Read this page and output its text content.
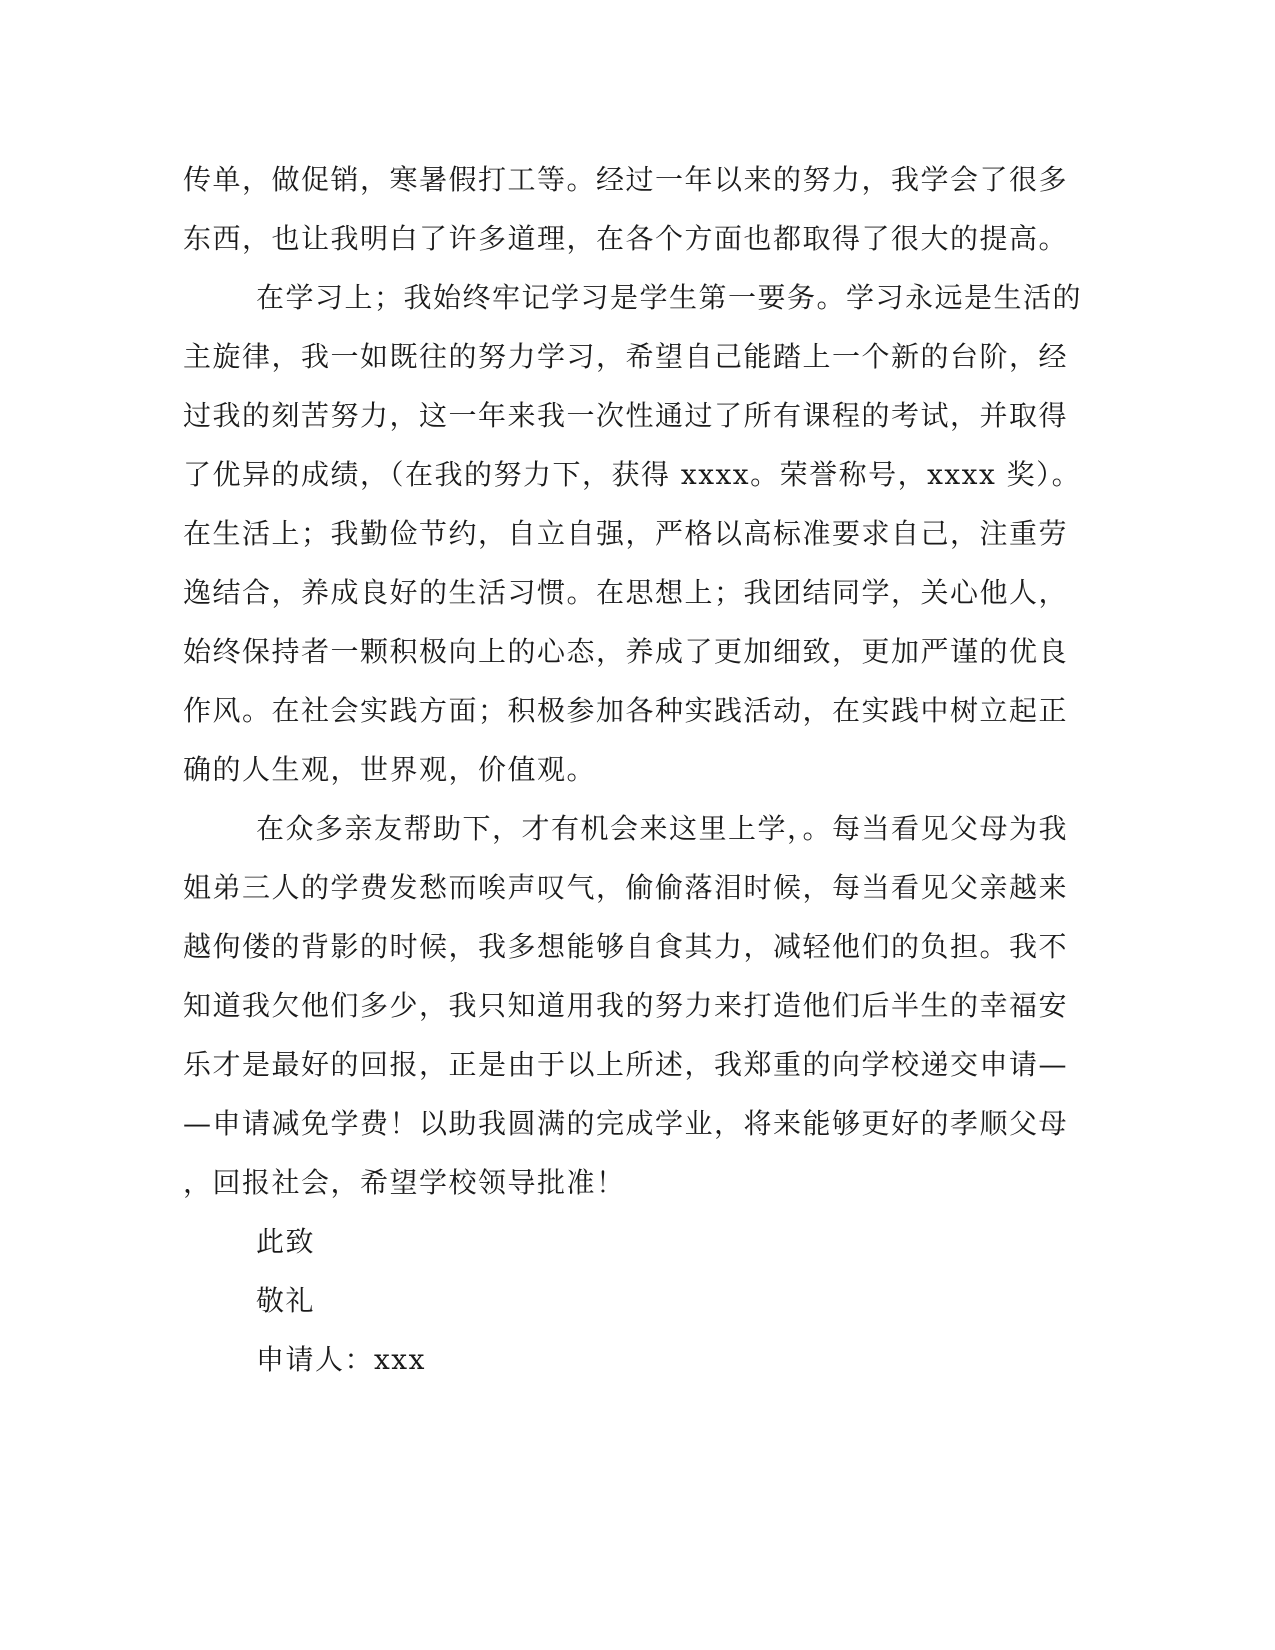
传单，做促销，寒暑假打工等。经过一年以来的努力，我学会了很多
东西，也让我明白了许多道理，在各个方面也都取得了很大的提高。
在学习上；我始终牢记学习是学生第一要务。学习永远是生活的
主旋律，我一如既往的努力学习，希望自己能踏上一个新的台阶，经
过我的刻苦努力，这一年来我一次性通过了所有课程的考试，并取得
了优异的成绩，（在我的努力下，获得 xxxx。荣誉称号，xxxx 奖）。
在生活上；我勤俭节约，自立自强，严格以高标准要求自己，注重劳
逸结合，养成良好的生活习惯。在思想上；我团结同学，关心他人，
始终保持者一颗积极向上的心态，养成了更加细致，更加严谨的优良
作风。在社会实践方面；积极参加各种实践活动，在实践中树立起正
确的人生观，世界观，价值观。
在众多亲友帮助下，才有机会来这里上学，。每当看见父母为我
姐弟三人的学费发愁而唉声叹气，偷偷落泪时候，每当看见父亲越来
越佝偻的背影的时候，我多想能够自食其力，减轻他们的负担。我不
知道我欠他们多少，我只知道用我的努力来打造他们后半生的幸福安
乐才是最好的回报，正是由于以上所述，我郑重的向学校递交申请—
—申请减免学费！以助我圆满的完成学业，将来能够更好的孝顺父母
，回报社会，希望学校领导批准！
此致
敬礼
申请人：xxx
